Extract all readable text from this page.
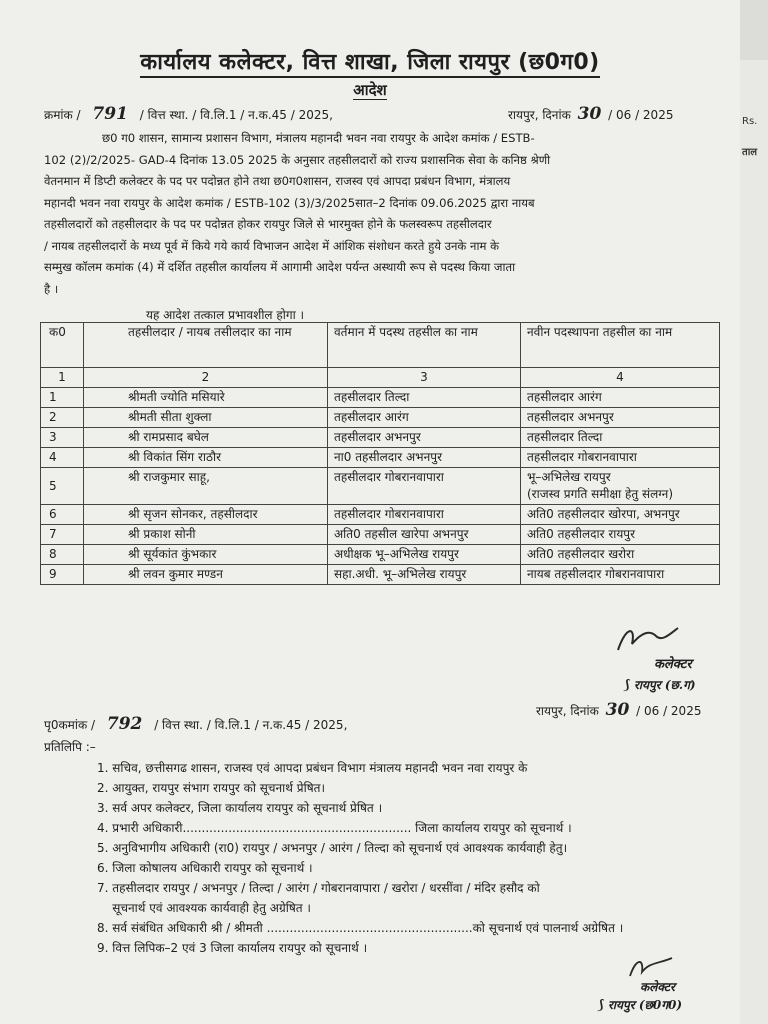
Rs.
ताल
कार्यालय कलेक्टर, वित्त शाखा, जिला रायपुर (छ0ग0)
आदेश
क्रमांक / 791 / वित्त स्था. / वि.लि.1 / न.क.45 / 2025,	रायपुर, दिनांक 30 / 06 / 2025
छ0 ग0 शासन, सामान्य प्रशासन विभाग, मंत्रालय महानदी भवन नवा रायपुर के आदेश कमांक / ESTB-
102 (2)/2/2025- GAD-4 दिनांक 13.05 2025 के अनुसार तहसीलदारों को राज्य प्रशासनिक सेवा के कनिष्ठ श्रेणी
वेतनमान में डिप्टी कलेक्टर के पद पर पदोन्नत होने तथा छ0ग0शासन, राजस्व एवं आपदा प्रबंधन विभाग, मंत्रालय
महानदी भवन नवा रायपुर के आदेश कमांक / ESTB-102 (3)/3/2025सात–2 दिनांक 09.06.2025 द्वारा नायब
तहसीलदारों को तहसीलदार के पद पर पदोन्नत होकर रायपुर जिले से भारमुक्त होने के फलस्वरूप तहसीलदार
/ नायब तहसीलदारों के मध्य पूर्व में किये गये कार्य विभाजन आदेश में आंशिक संशोधन करते हुये उनके नाम के
सम्मुख कॉलम कमांक (4) में दर्शित तहसील कार्यालय में आगामी आदेश पर्यन्त अस्थायी रूप से पदस्थ किया जाता
है ।
यह आदेश तत्काल प्रभावशील होगा ।
क0	तहसीलदार / नायब तसीलदार का नाम	वर्तमान में पदस्थ तहसील का नाम	नवीन पदस्थापना तहसील का नाम
1	2	3	4
1	श्रीमती ज्योति मसियारे	तहसीलदार तिल्दा	तहसीलदार आरंग
2	श्रीमती सीता शुक्ला	तहसीलदार आरंग	तहसीलदार अभनपुर
3	श्री रामप्रसाद बघेल	तहसीलदार अभनपुर	तहसीलदार तिल्दा
4	श्री विकांत सिंग राठौर	ना0 तहसीलदार अभनपुर	तहसीलदार गोबरानवापारा
5	श्री राजकुमार साहू,	तहसीलदार गोबरानवापारा	भू–अभिलेख रायपुर
(राजस्व प्रगति समीक्षा हेतु संलग्न)

6	श्री सृजन सोनकर, तहसीलदार	तहसीलदार गोबरानवापारा	अति0 तहसीलदार खोरपा, अभनपुर
7	श्री प्रकाश सोनी	अति0 तहसील खारेपा अभनपुर	अति0 तहसीलदार रायपुर
8	श्री सूर्यकांत कुंभकार	अधीक्षक भू–अभिलेख रायपुर	अति0 तहसीलदार खरोरा
9	श्री लवन कुमार मण्डन	सहा.अधी. भू–अभिलेख रायपुर	नायब तहसीलदार गोबरानवापारा
कलेक्टर
⟆ रायपुर (छ.ग)
पृ0कमांक / 792 / वित्त स्था. / वि.लि.1 / न.क.45 / 2025,
रायपुर, दिनांक 30 / 06 / 2025
प्रतिलिपि :–
1. सचिव, छत्तीसगढ शासन, राजस्व एवं आपदा प्रबंधन विभाग मंत्रालय महानदी भवन नवा रायपुर के
2. आयुक्त, रायपुर संभाग रायपुर को सूचनार्थ प्रेषित।
3. सर्व अपर कलेक्टर, जिला कार्यालय रायपुर को सूचनार्थ प्रेषित ।
4. प्रभारी अधिकारी............................................................ जिला कार्यालय रायपुर को सूचनार्थ ।
5. अनुविभागीय अधिकारी (रा0) रायपुर / अभनपुर / आरंग / तिल्दा को सूचनार्थ एवं आवश्यक कार्यवाही हेतु।
6. जिला कोषालय अधिकारी रायपुर को सूचनार्थ ।
7. तहसीलदार रायपुर / अभनपुर / तिल्दा / आरंग / गोबरानवापारा / खरोरा / धरसींवा / मंदिर हसौद को
सूचनार्थ एवं आवश्यक कार्यवाही हेतु अग्रेषित ।
8. सर्व संबंधित अधिकारी श्री / श्रीमती ......................................................को सूचनार्थ एवं पालनार्थ अग्रेषित ।
9. वित्त लिपिक–2 एवं 3 जिला कार्यालय रायपुर को सूचनार्थ ।
कलेक्टर
⟆ रायपुर (छ0ग0)
